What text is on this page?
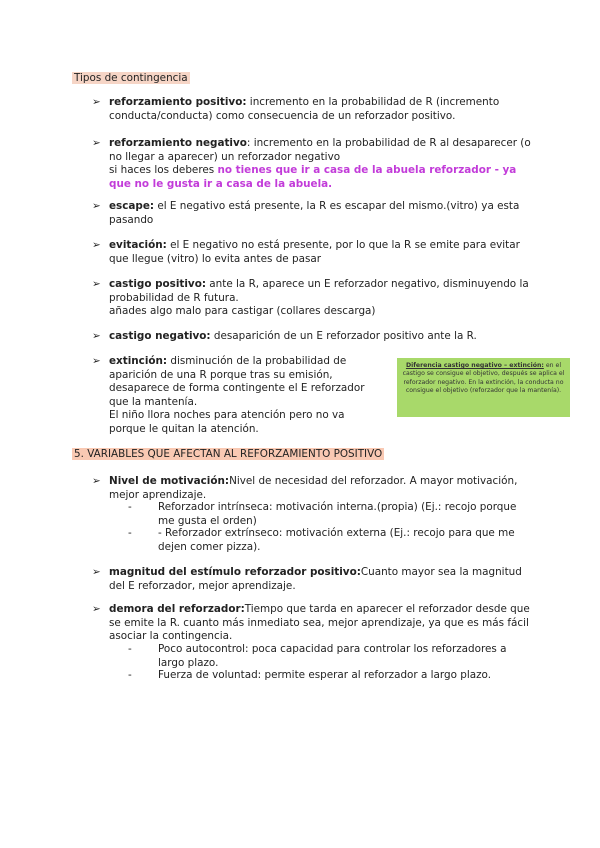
Tipos de contingencia
➢ reforzamiento positivo: incremento en la probabilidad de R (incremento conducta/conducta) como consecuencia de un reforzador positivo.
➢ reforzamiento negativo: incremento en la probabilidad de R al desaparecer (o no llegar a aparecer) un reforzador negativo
si haces los deberes no tienes que ir a casa de la abuela reforzador - ya que no le gusta ir a casa de la abuela.
➢ escape: el E negativo está presente, la R es escapar del mismo.(vitro) ya esta pasando
➢ evitación: el E negativo no está presente, por lo que la R se emite para evitar que llegue (vitro) lo evita antes de pasar
➢ castigo positivo: ante la R, aparece un E reforzador negativo, disminuyendo la probabilidad de R futura.
añades algo malo para castigar (collares descarga)
➢ castigo negativo: desaparición de un E reforzador positivo ante la R.
➢ extinción: disminución de la probabilidad de aparición de una R porque tras su emisión, desaparece de forma contingente el E reforzador que la mantenía.
El niño llora noches para atención pero no va porque le quitan la atención.
Diferencia castigo negativo – extinción: en el castigo se consigue el objetivo, después se aplica el reforzador negativo. En la extinción, la conducta no consigue el objetivo (reforzador que la mantenía).
5. VARIABLES QUE AFECTAN AL REFORZAMIENTO POSITIVO
➢ Nivel de motivación:Nivel de necesidad del reforzador. A mayor motivación, mejor aprendizaje.
-	Reforzador intrínseca: motivación interna.(propia) (Ej.: recojo porque me gusta el orden)
-	- Reforzador extrínseco: motivación externa (Ej.: recojo para que me dejen comer pizza).
➢ magnitud del estímulo reforzador positivo:Cuanto mayor sea la magnitud del E reforzador, mejor aprendizaje.
➢ demora del reforzador:Tiempo que tarda en aparecer el reforzador desde que se emite la R. cuanto más inmediato sea, mejor aprendizaje, ya que es más fácil asociar la contingencia.
-	Poco autocontrol: poca capacidad para controlar los reforzadores a largo plazo.
-	Fuerza de voluntad: permite esperar al reforzador a largo plazo.
